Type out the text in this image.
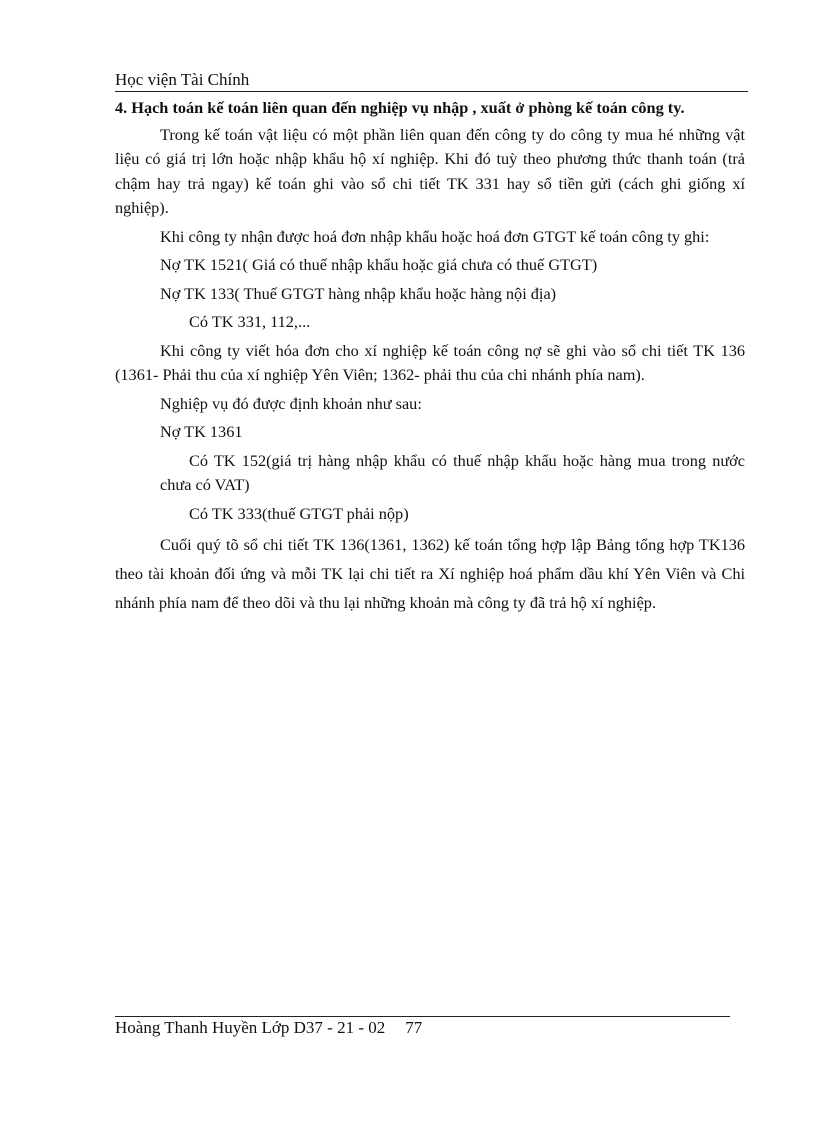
Học viện Tài Chính

4. Hạch toán kế toán liên quan đến nghiệp vụ nhập , xuất ở phòng kế toán công ty.

Trong kế toán vật liệu có một phần liên quan đến công ty do công ty mua hé những vật liệu có giá trị lớn hoặc nhập khẩu hộ xí nghiệp. Khi đó tuỳ theo phương thức thanh toán (trả chậm hay trả ngay) kế toán ghi vào sổ chi tiết TK 331 hay sổ tiền gửi (cách ghi giống xí nghiệp).

Khi công ty nhận được hoá đơn nhập khẩu hoặc hoá đơn GTGT kế toán công ty ghi:

Nợ TK 1521( Giá có thuế nhập khẩu hoặc giá chưa có thuế GTGT)

Nợ TK 133( Thuế GTGT hàng nhập khẩu hoặc hàng nội địa)

Có TK 331, 112,...

Khi công ty viết hóa đơn cho xí nghiệp kế toán công nợ sẽ ghi vào sổ chi tiết TK 136 (1361- Phải thu của xí nghiệp Yên Viên; 1362- phải thu của chi nhánh phía nam).

Nghiệp vụ đó được định khoản như sau:

Nợ TK 1361

Có TK 152(giá trị hàng nhập khẩu có thuế nhập khẩu hoặc hàng mua trong nước chưa có VAT)

Có TK 333(thuế GTGT phải nộp)

Cuối quý tõ sổ chi tiết TK 136(1361, 1362) kế toán tổng hợp lập Bảng tổng hợp TK136 theo tài khoản đối ứng và mỗi TK lại chi tiết ra Xí nghiệp hoá phẩm dầu khí Yên Viên và Chi nhánh phía nam để theo dõi và thu lại những khoản mà công ty đã trả hộ xí nghiệp.

Hoàng Thanh Huyền Lớp D37 - 21 - 02 77
